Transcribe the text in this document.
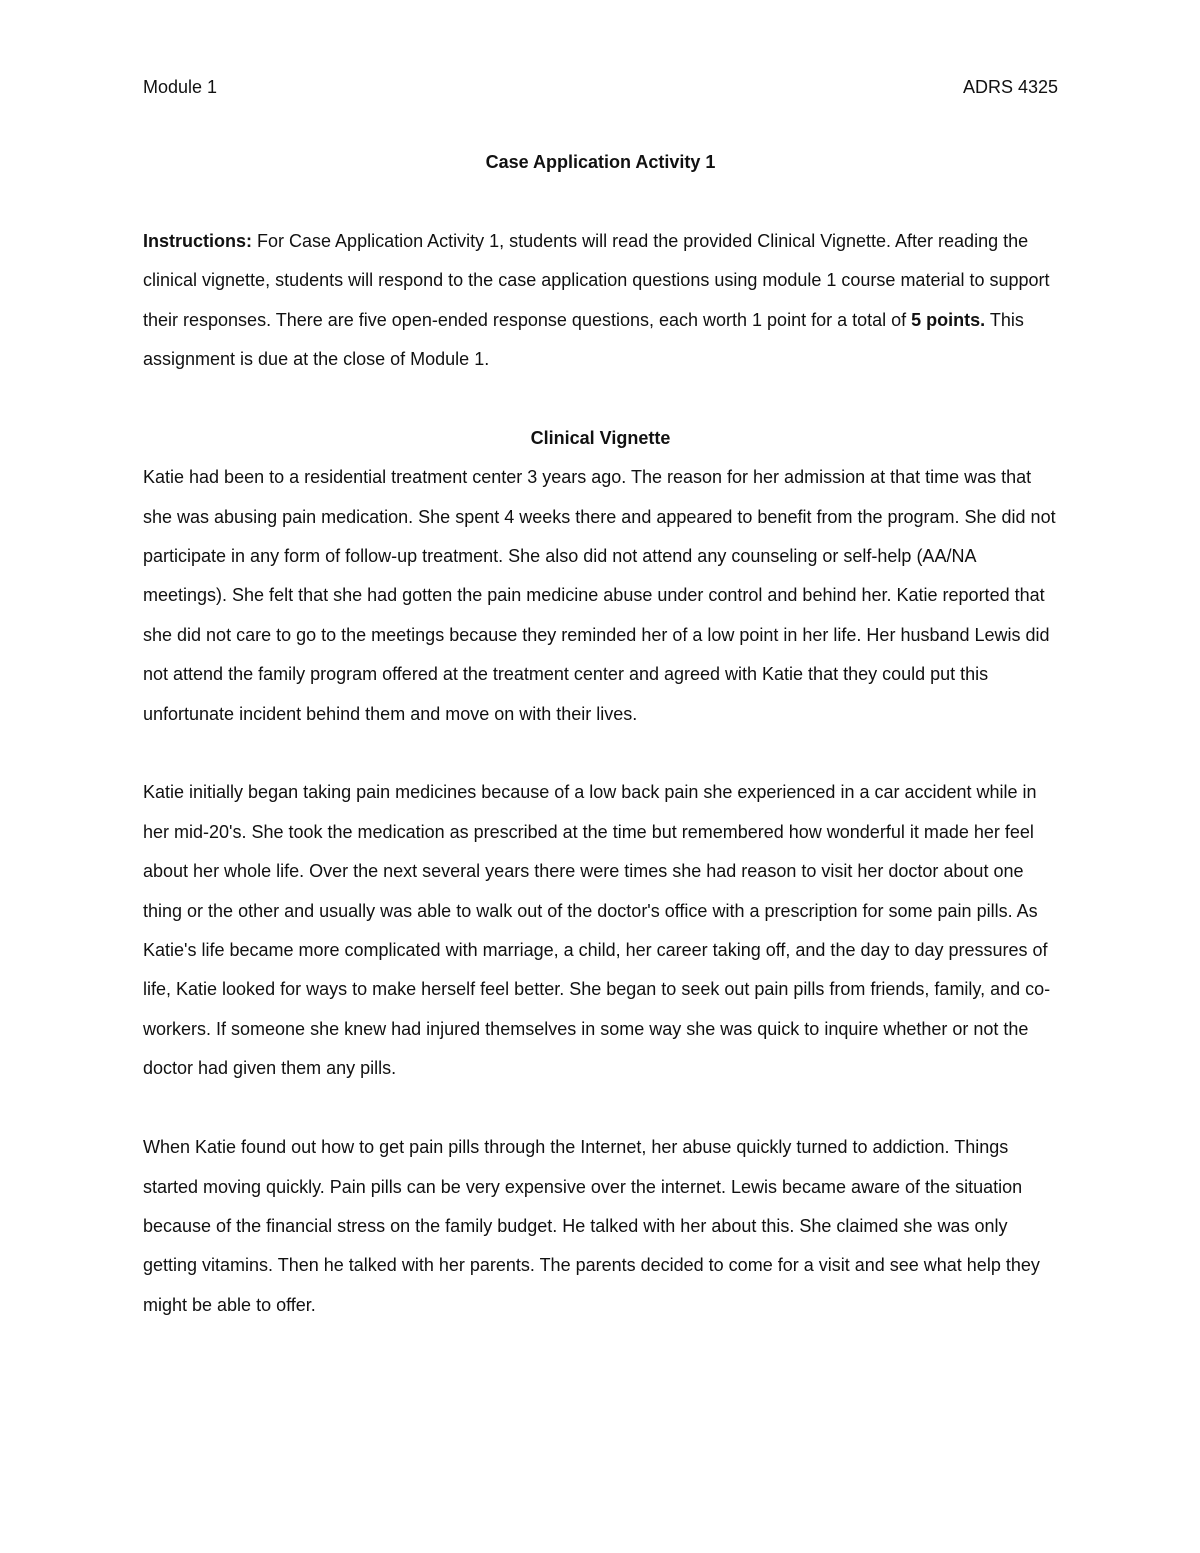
Module 1	ADRS 4325

Case Application Activity 1

Instructions: For Case Application Activity 1, students will read the provided Clinical Vignette. After reading the clinical vignette, students will respond to the case application questions using module 1 course material to support their responses. There are five open-ended response questions, each worth 1 point for a total of 5 points. This assignment is due at the close of Module 1.

Clinical Vignette

Katie had been to a residential treatment center 3 years ago. The reason for her admission at that time was that she was abusing pain medication. She spent 4 weeks there and appeared to benefit from the program. She did not participate in any form of follow-up treatment. She also did not attend any counseling or self-help (AA/NA meetings). She felt that she had gotten the pain medicine abuse under control and behind her. Katie reported that she did not care to go to the meetings because they reminded her of a low point in her life. Her husband Lewis did not attend the family program offered at the treatment center and agreed with Katie that they could put this unfortunate incident behind them and move on with their lives.

Katie initially began taking pain medicines because of a low back pain she experienced in a car accident while in her mid-20's. She took the medication as prescribed at the time but remembered how wonderful it made her feel about her whole life. Over the next several years there were times she had reason to visit her doctor about one thing or the other and usually was able to walk out of the doctor's office with a prescription for some pain pills. As Katie's life became more complicated with marriage, a child, her career taking off, and the day to day pressures of life, Katie looked for ways to make herself feel better. She began to seek out pain pills from friends, family, and co-workers. If someone she knew had injured themselves in some way she was quick to inquire whether or not the doctor had given them any pills.

When Katie found out how to get pain pills through the Internet, her abuse quickly turned to addiction. Things started moving quickly. Pain pills can be very expensive over the internet. Lewis became aware of the situation because of the financial stress on the family budget. He talked with her about this. She claimed she was only getting vitamins. Then he talked with her parents. The parents decided to come for a visit and see what help they might be able to offer.
